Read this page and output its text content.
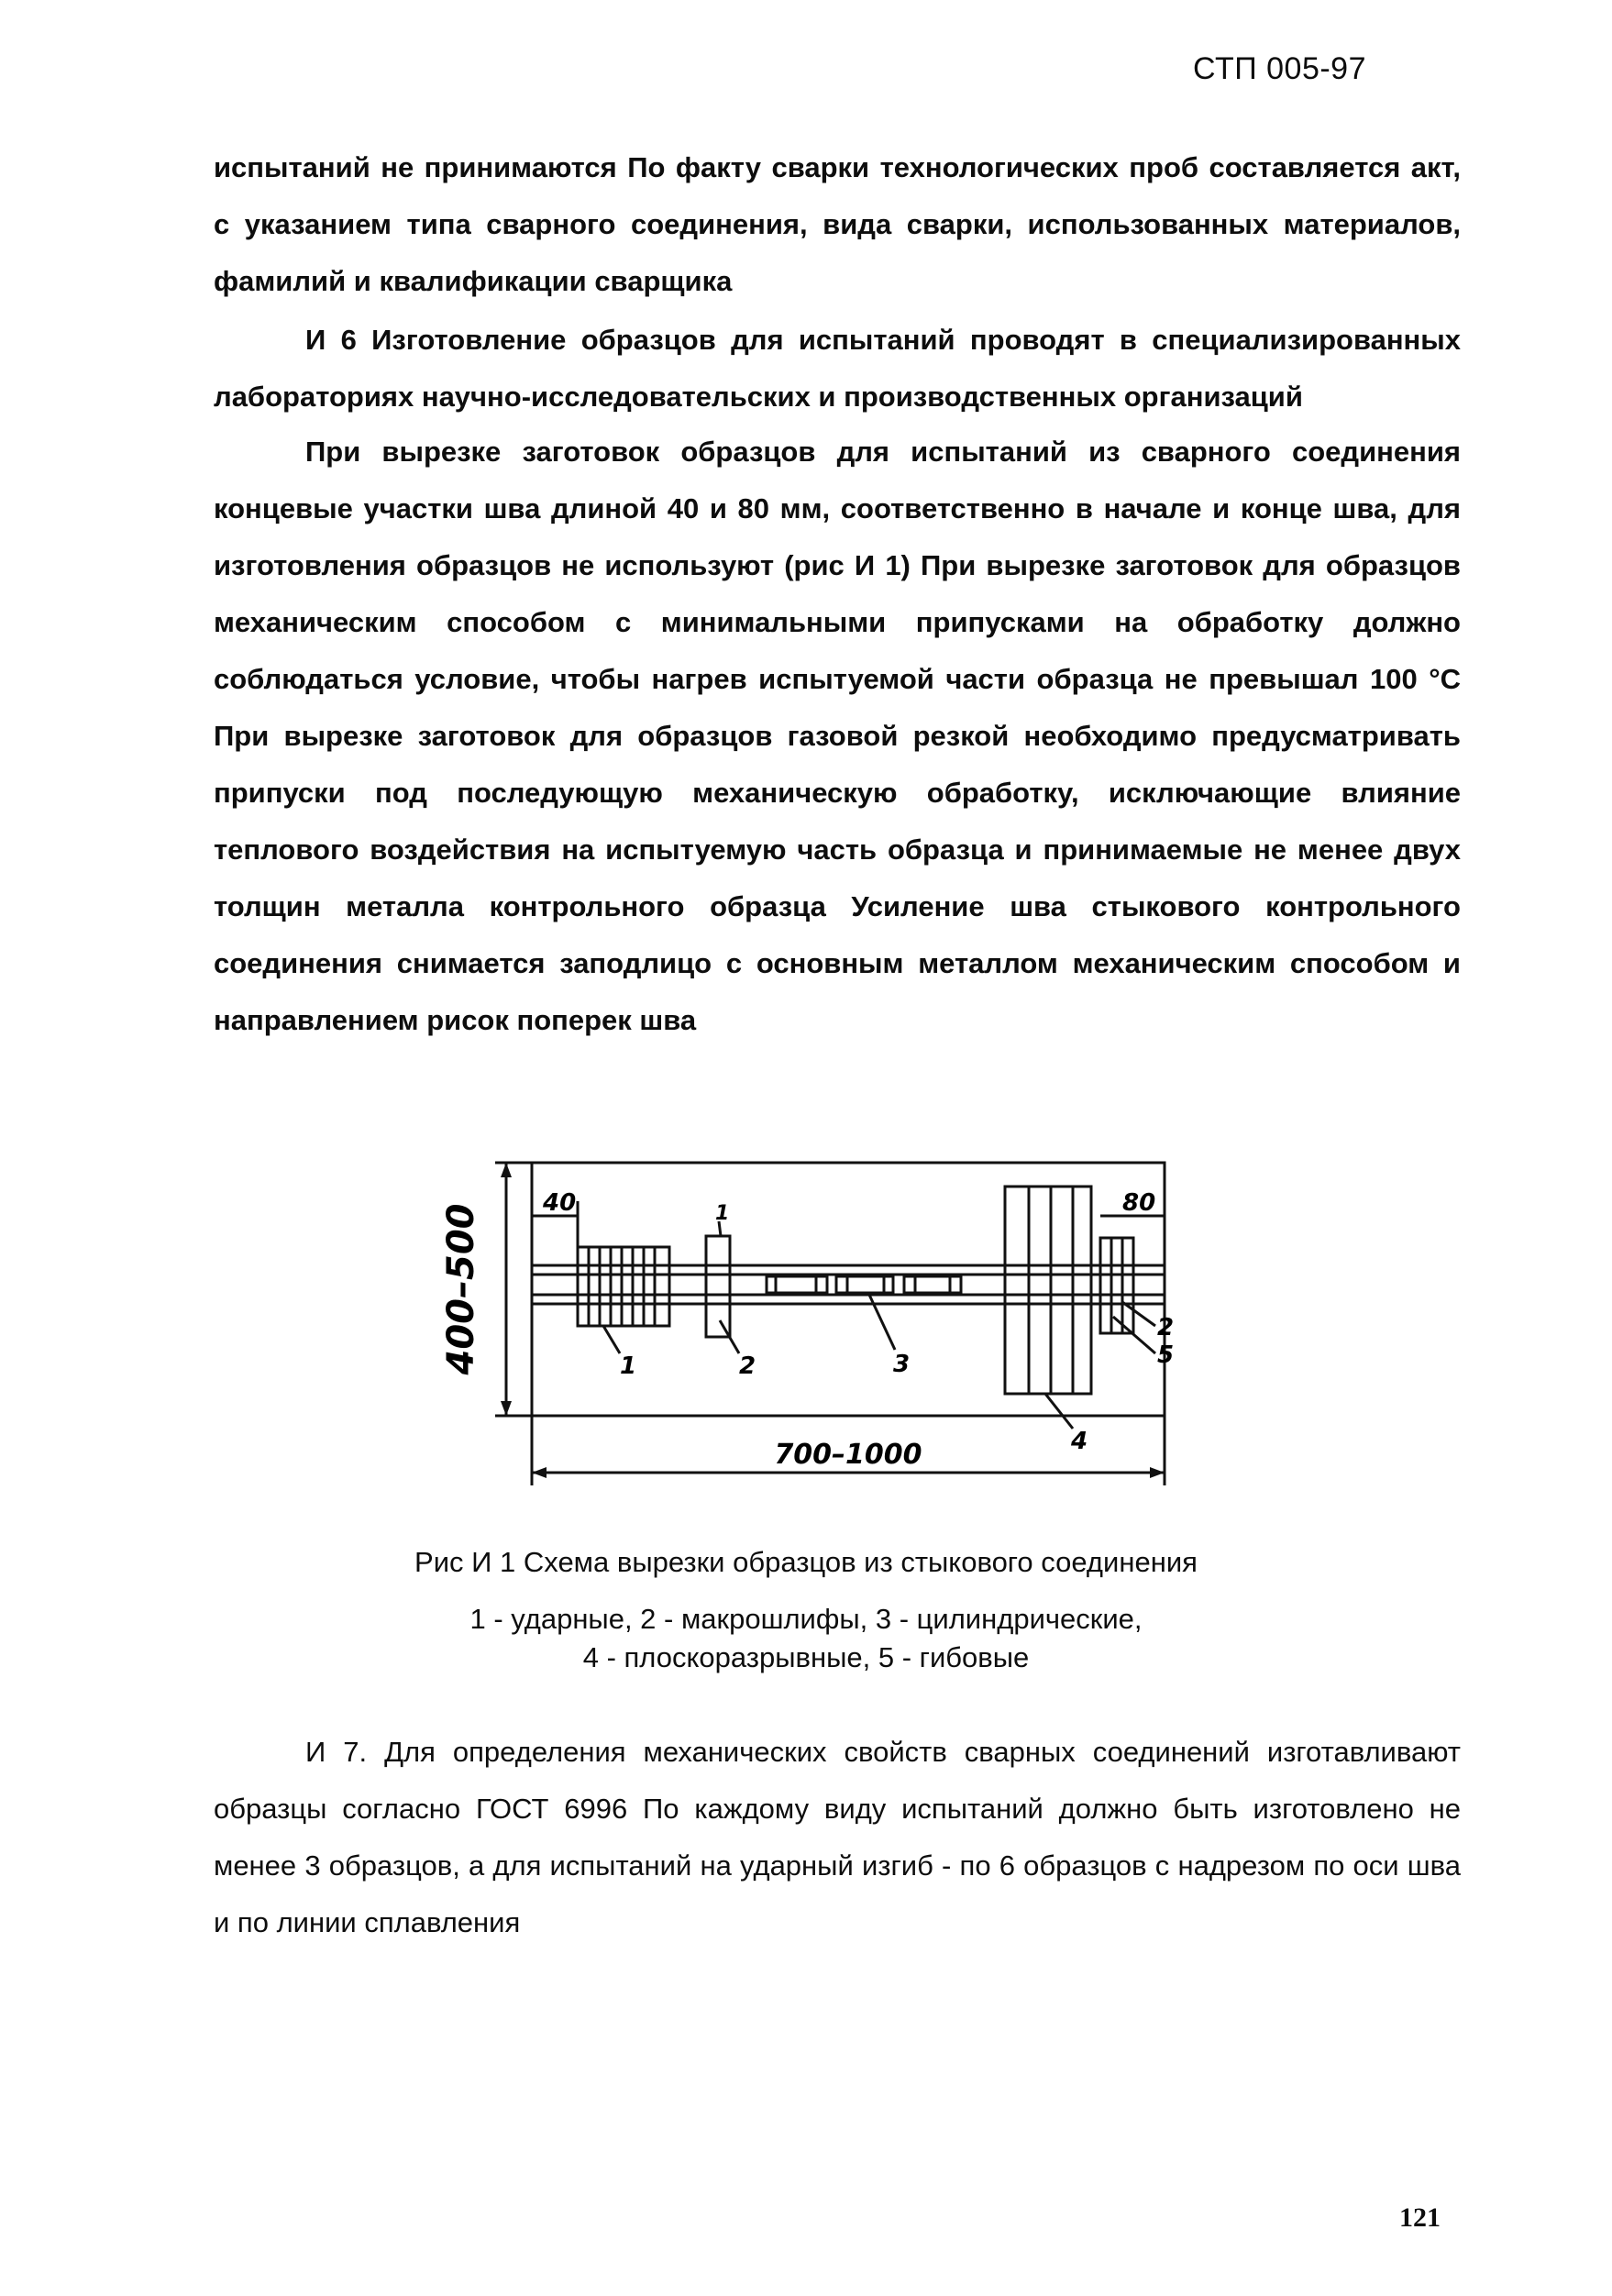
СТП 005-97

испытаний не принимаются По факту сварки технологических проб составляется акт, с указанием типа сварного соединения, вида сварки, использованных материалов, фамилий и квалификации сварщика

И 6 Изготовление образцов для испытаний проводят в специализированных лабораториях научно-исследовательских и производственных организаций

При вырезке заготовок образцов для испытаний из сварного соединения концевые участки шва длиной 40 и 80 мм, соответственно в начале и конце шва, для изготовления образцов не используют (рис И 1) При вырезке заготовок для образцов механическим способом с минимальными припусками на обработку должно соблюдаться условие, чтобы нагрев испытуемой части образца не превышал 100 °С При вырезке заготовок для образцов газовой резкой необходимо предусматривать припуски под последующую механическую обработку, исключающие влияние теплового воздействия на испытуемую часть образца и принимаемые не менее двух толщин металла контрольного образца Усиление шва стыкового контрольного соединения снимается заподлицо с основным металлом механическим способом и направлением рисок поперек шва

400–500
700–1000
40	80
1	2	3
4
5
2
1
Рис И 1 Схема вырезки образцов из стыкового соединения
1 - ударные, 2 - макрошлифы, 3 - цилиндрические,
4 - плоскоразрывные, 5 - гибовые

И 7. Для определения механических свойств сварных соединений изготавливают образцы согласно ГОСТ 6996 По каждому виду испытаний должно быть изготовлено не менее 3 образцов, а для испытаний на ударный изгиб - по 6 образцов с надрезом по оси шва и по линии сплавления

121
